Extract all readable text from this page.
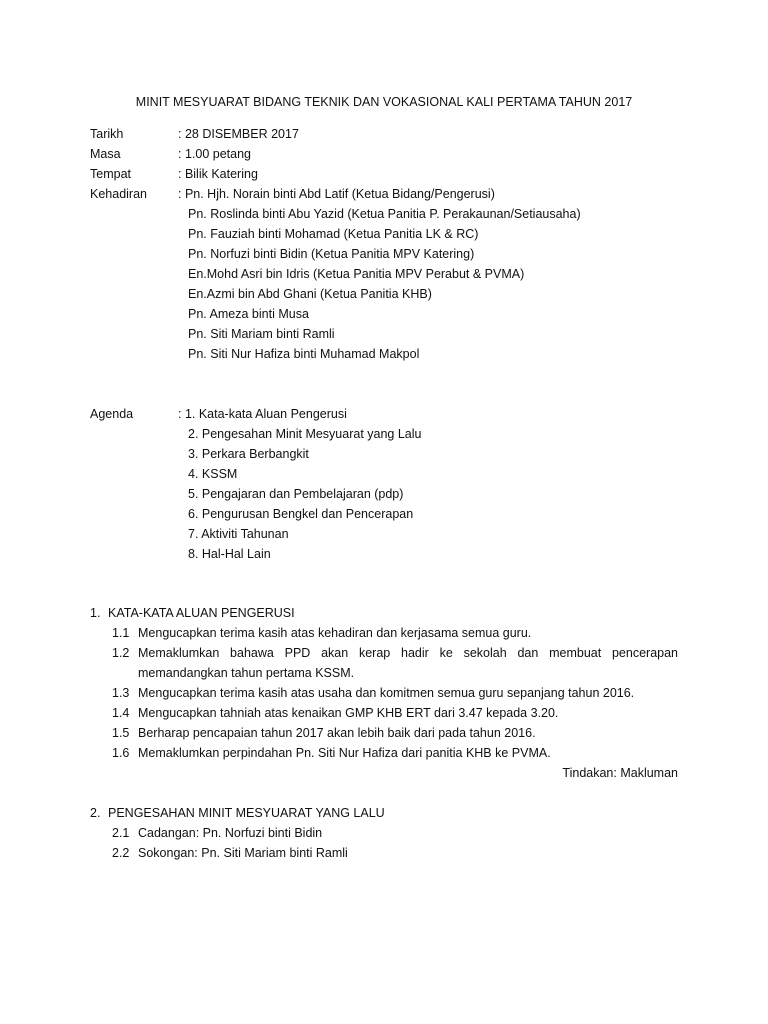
MINIT MESYUARAT BIDANG TEKNIK DAN VOKASIONAL KALI PERTAMA TAHUN 2017
Tarikh	: 28 DISEMBER 2017
Masa	: 1.00 petang
Tempat	: Bilik Katering
Kehadiran	: Pn. Hjh. Norain binti Abd Latif (Ketua Bidang/Pengerusi)
Pn. Roslinda binti Abu Yazid (Ketua Panitia P. Perakaunan/Setiausaha)
Pn. Fauziah binti Mohamad (Ketua Panitia LK & RC)
Pn. Norfuzi binti Bidin (Ketua Panitia MPV Katering)
En.Mohd Asri bin Idris (Ketua Panitia MPV Perabut & PVMA)
En.Azmi bin Abd Ghani (Ketua Panitia KHB)
Pn. Ameza binti Musa
Pn. Siti Mariam binti Ramli
Pn. Siti Nur Hafiza binti Muhamad Makpol
Agenda	: 1. Kata-kata Aluan Pengerusi
2. Pengesahan Minit Mesyuarat yang Lalu
3. Perkara Berbangkit
4. KSSM
5. Pengajaran dan Pembelajaran (pdp)
6. Pengurusan Bengkel dan Pencerapan
7. Aktiviti Tahunan
8. Hal-Hal Lain
1. KATA-KATA ALUAN PENGERUSI
1.1 Mengucapkan terima kasih atas kehadiran dan kerjasama semua guru.
1.2 Memaklumkan bahawa PPD akan kerap hadir ke sekolah dan membuat pencerapan memandangkan tahun pertama KSSM.
1.3 Mengucapkan terima kasih atas usaha dan komitmen semua guru sepanjang tahun 2016.
1.4 Mengucapkan tahniah atas kenaikan GMP KHB ERT dari 3.47 kepada 3.20.
1.5 Berharap pencapaian tahun 2017 akan lebih baik dari pada tahun 2016.
1.6 Memaklumkan perpindahan Pn. Siti Nur Hafiza dari panitia KHB ke PVMA.
Tindakan: Makluman
2. PENGESAHAN MINIT MESYUARAT YANG LALU
2.1 Cadangan: Pn. Norfuzi binti Bidin
2.2 Sokongan: Pn. Siti Mariam binti Ramli
